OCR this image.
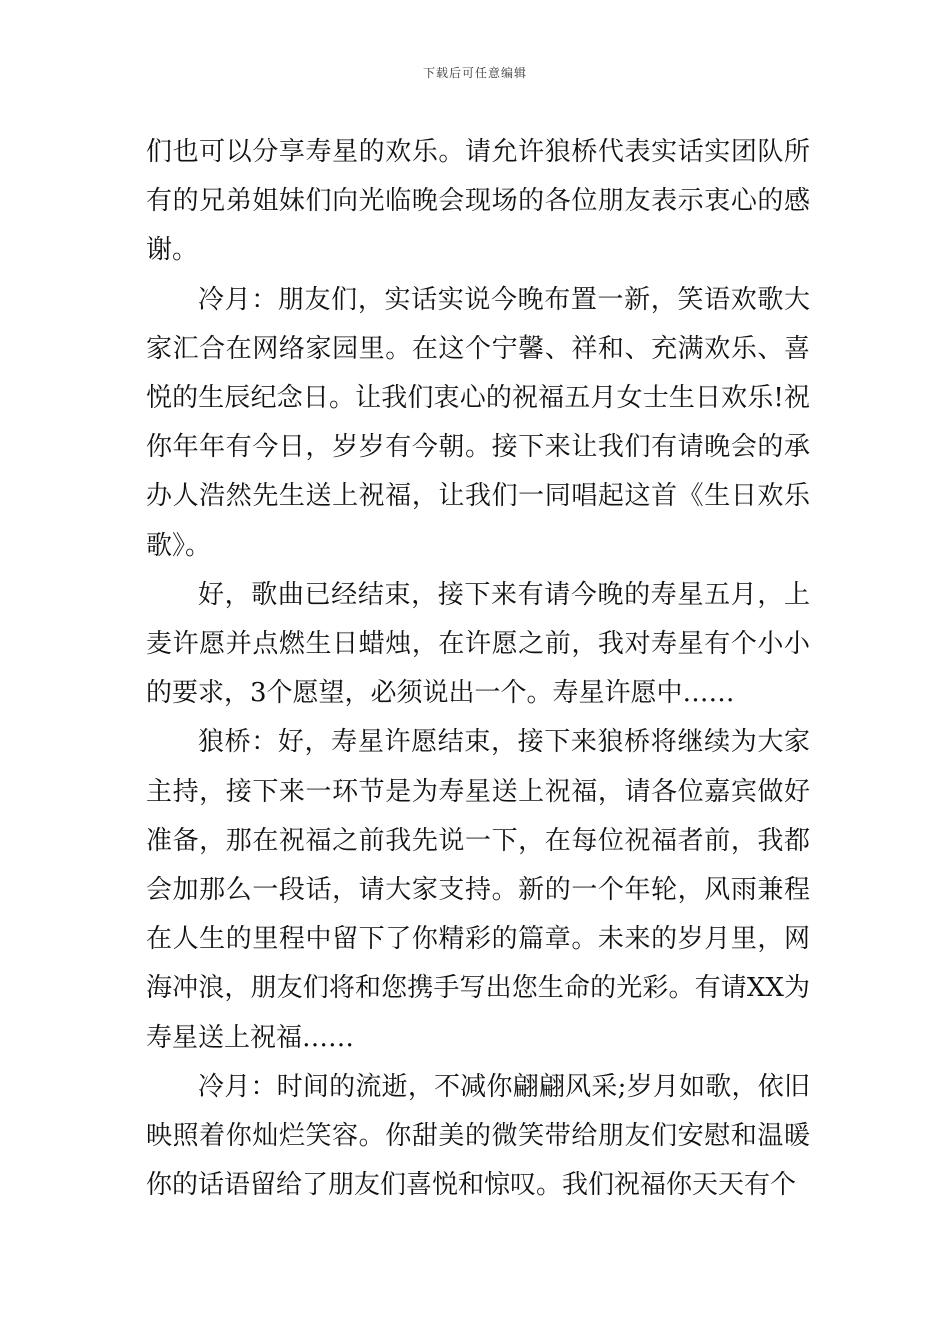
下载后可任意编辑

们也可以分享寿星的欢乐。请允许狼桥代表实话实团队所有的兄弟姐妹们向光临晚会现场的各位朋友表示衷心的感谢。

冷月：朋友们，实话实说今晚布置一新，笑语欢歌大家汇合在网络家园里。在这个宁馨、祥和、充满欢乐、喜悦的生辰纪念日。让我们衷心的祝福五月女士生日欢乐!祝你年年有今日，岁岁有今朝。接下来让我们有请晚会的承办人浩然先生送上祝福，让我们一同唱起这首《生日欢乐歌》。

好，歌曲已经结束，接下来有请今晚的寿星五月，上麦许愿并点燃生日蜡烛，在许愿之前，我对寿星有个小小的要求，3个愿望，必须说出一个。寿星许愿中……

狼桥：好，寿星许愿结束，接下来狼桥将继续为大家主持，接下来一环节是为寿星送上祝福，请各位嘉宾做好准备，那在祝福之前我先说一下，在每位祝福者前，我都会加那么一段话，请大家支持。新的一个年轮，风雨兼程在人生的里程中留下了你精彩的篇章。未来的岁月里，网海冲浪，朋友们将和您携手写出您生命的光彩。有请XX为寿星送上祝福……

冷月：时间的流逝，不减你翩翩风采;岁月如歌，依旧映照着你灿烂笑容。你甜美的微笑带给朋友们安慰和温暖你的话语留给了朋友们喜悦和惊叹。我们祝福你天天有个
